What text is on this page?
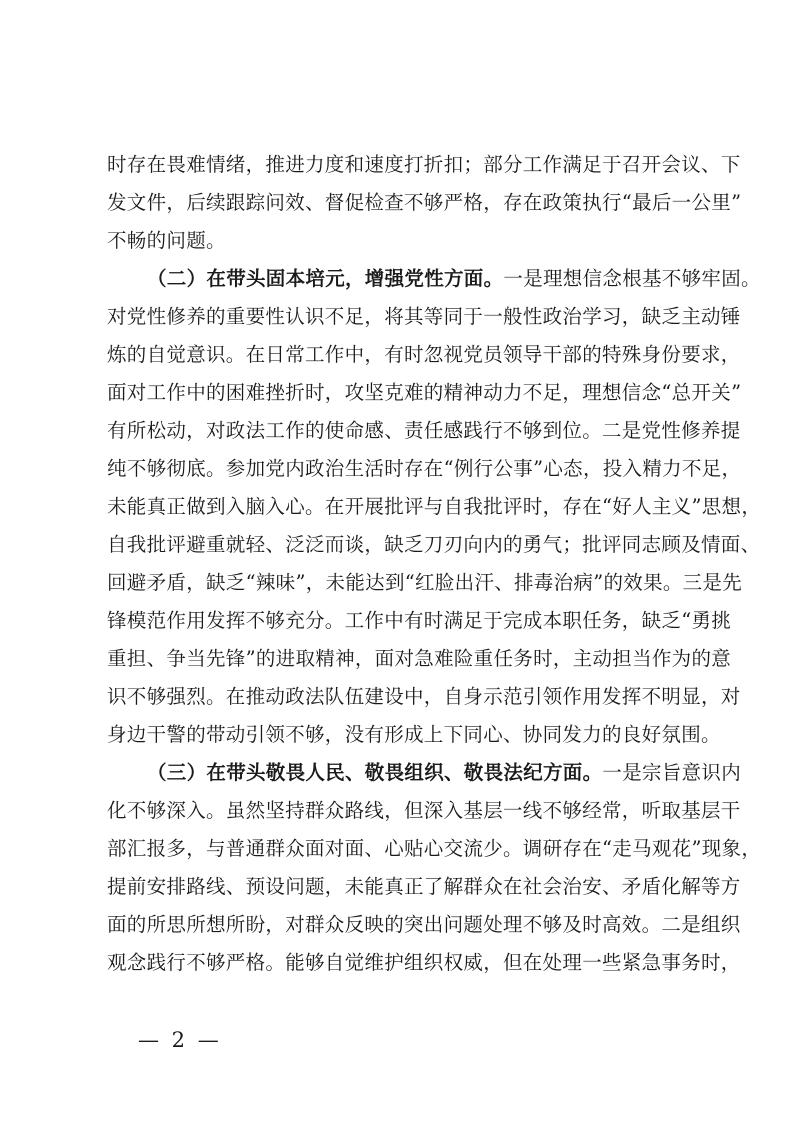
时存在畏难情绪，推进力度和速度打折扣；部分工作满足于召开会议、下
发文件，后续跟踪问效、督促检查不够严格，存在政策执行“最后一公里”
不畅的问题。
（二）在带头固本培元，增强党性方面。一是理想信念根基不够牢固。
对党性修养的重要性认识不足，将其等同于一般性政治学习，缺乏主动锤
炼的自觉意识。在日常工作中，有时忽视党员领导干部的特殊身份要求，
面对工作中的困难挫折时，攻坚克难的精神动力不足，理想信念“总开关”
有所松动，对政法工作的使命感、责任感践行不够到位。二是党性修养提
纯不够彻底。参加党内政治生活时存在“例行公事”心态，投入精力不足，
未能真正做到入脑入心。在开展批评与自我批评时，存在“好人主义”思想，
自我批评避重就轻、泛泛而谈，缺乏刀刃向内的勇气；批评同志顾及情面、
回避矛盾，缺乏“辣味”，未能达到“红脸出汗、排毒治病”的效果。三是先
锋模范作用发挥不够充分。工作中有时满足于完成本职任务，缺乏“勇挑
重担、争当先锋”的进取精神，面对急难险重任务时，主动担当作为的意
识不够强烈。在推动政法队伍建设中，自身示范引领作用发挥不明显，对
身边干警的带动引领不够，没有形成上下同心、协同发力的良好氛围。
（三）在带头敬畏人民、敬畏组织、敬畏法纪方面。一是宗旨意识内
化不够深入。虽然坚持群众路线，但深入基层一线不够经常，听取基层干
部汇报多，与普通群众面对面、心贴心交流少。调研存在“走马观花”现象，
提前安排路线、预设问题，未能真正了解群众在社会治安、矛盾化解等方
面的所思所想所盼，对群众反映的突出问题处理不够及时高效。二是组织
观念践行不够严格。能够自觉维护组织权威，但在处理一些紧急事务时，
— 2 —
